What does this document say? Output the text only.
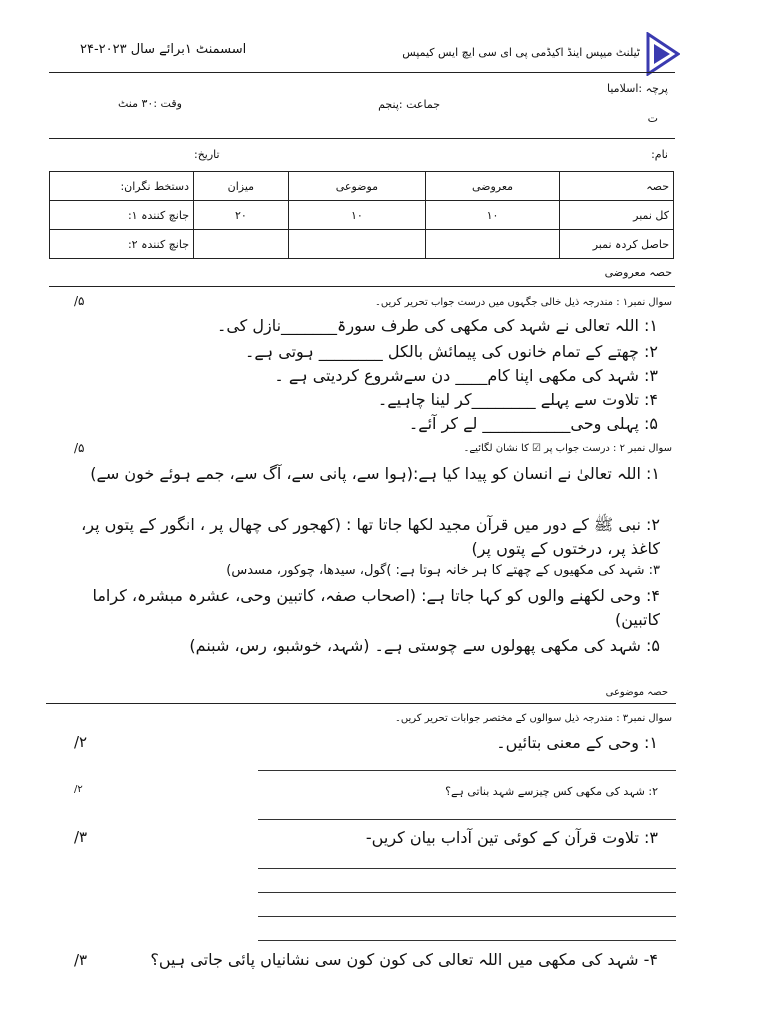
ٹیلنٹ میپس اینڈ اکیڈمی پی ای سی ایچ ایس کیمپس
اسسمنٹ ۱برائے سال ۲۰۲۳-۲۴
پرچہ :اسلامیا
ت
جماعت :پنجم
وقت :۳۰ منٹ
نام:
تاریخ:
حصہ	معروضی	موضوعی	میزان	دستخط نگران:
کل نمبر	۱۰	۱۰	۲۰	جانچ کنندہ ۱:
حاصل کردہ نمبر				جانچ کنندہ ۲:
حصہ معروضی
سوال نمبر۱ : مندرجہ ذیل خالی جگہوں میں درست جواب تحریر کریں۔
/۵
۱: اللہ تعالی نے شہد کی مکھی کی طرف سورۃ_______نازل کی۔
۲: چھتے کے تمام خانوں کی پیمائش بالکل ________ ہوتی ہے۔
۳: شہد کی مکھی اپنا کام____ دن سےشروع کردیتی ہے ۔
۴: تلاوت سے پہلے ________کر لینا چاہیے۔
۵: پہلی وحی___________ لے کر آئے۔
سوال نمبر ۲ : درست جواب پر ☑ کا نشان لگائیے۔
/۵
۱: اللہ تعالیٰ نے انسان کو پیدا کیا ہے:(ہوا سے، پانی سے، آگ سے، جمے ہوئے خون سے)
۲: نبی ﷺ کے دور میں قرآن مجید لکھا جاتا تھا : (کھجور کی چھال پر ، انگور کے پتوں پر، کاغذ پر، درختوں کے پتوں پر)
۳: شہد کی مکھیوں کے چھتے کا ہر خانہ ہوتا ہے: )گول، سیدھا، چوکور، مسدس)
۴: وحی لکھنے والوں کو کہا جاتا ہے: (اصحاب صفہ، کاتبین وحی، عشرہ مبشرہ، کراما کاتبین)
۵: شہد کی مکھی پھولوں سے چوستی ہے۔ (شہد، خوشبو، رس، شبنم)
حصہ موضوعی
سوال نمبر۳ : مندرجہ ذیل سوالوں کے مختصر جوابات تحریر کریں۔
۱: وحی کے معنی بتائیں۔
/۲
۲: شہد کی مکھی کس چیزسے شہد بناتی ہے؟
/۲
۳: تلاوت قرآن کے کوئی تین آداب بیان کریں-
/۳
۴- شہد کی مکھی میں اللہ تعالی کی کون کون سی نشانیاں پائی جاتی ہیں؟
/۳
